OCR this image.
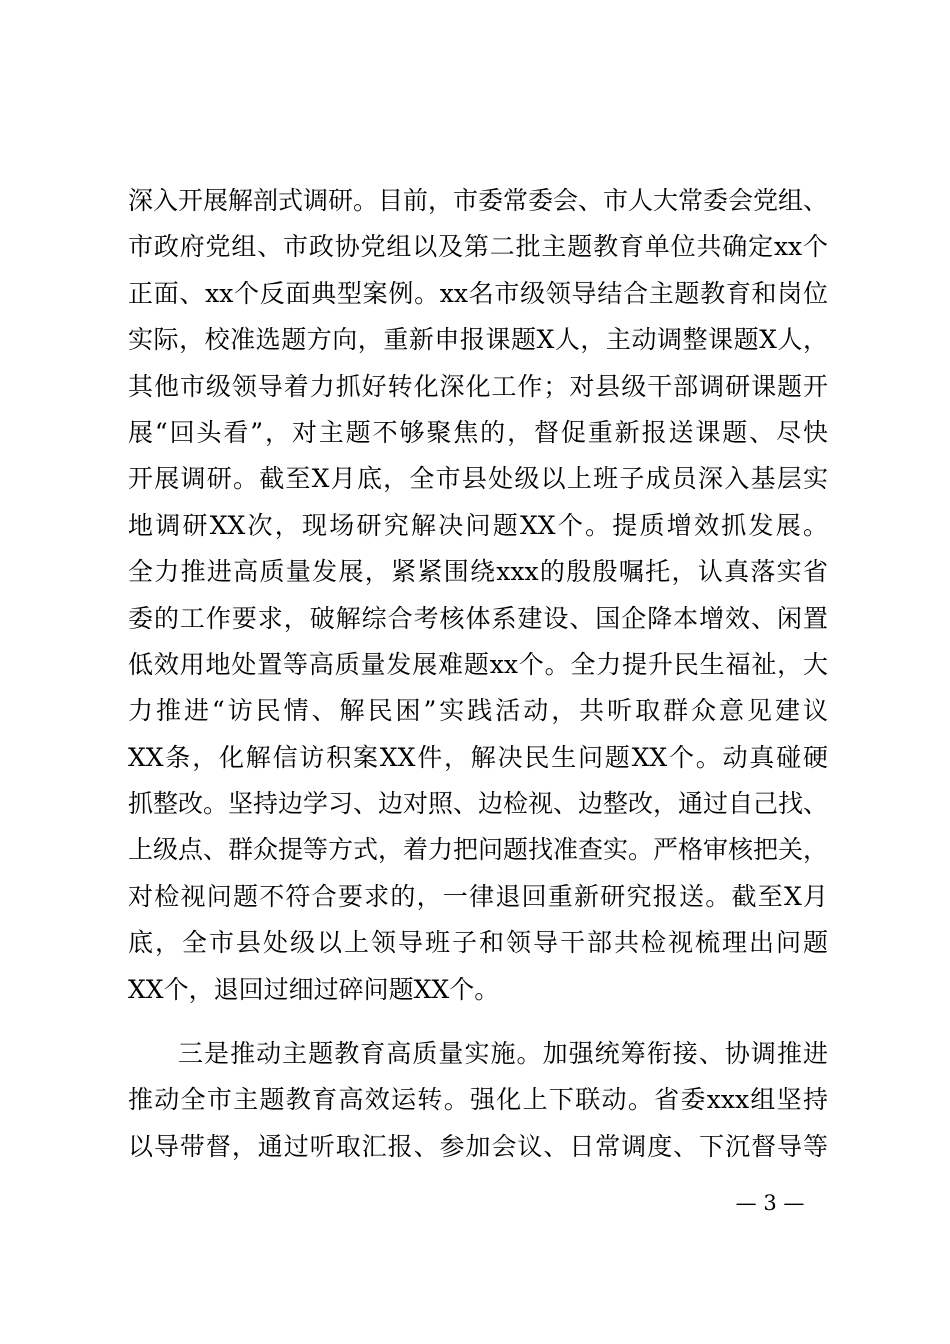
深入开展解剖式调研。目前，市委常委会、市人大常委会党组、
市政府党组、市政协党组以及第二批主题教育单位共确定xx个
正面、xx个反面典型案例。xx名市级领导结合主题教育和岗位
实际，校准选题方向，重新申报课题X人，主动调整课题X人，
其他市级领导着力抓好转化深化工作；对县级干部调研课题开
展“回头看”，对主题不够聚焦的，督促重新报送课题、尽快
开展调研。截至X月底，全市县处级以上班子成员深入基层实
地调研XX次，现场研究解决问题XX个。提质增效抓发展。
全力推进高质量发展，紧紧围绕xxx的殷殷嘱托，认真落实省
委的工作要求，破解综合考核体系建设、国企降本增效、闲置
低效用地处置等高质量发展难题xx个。全力提升民生福祉，大
力推进“访民情、解民困”实践活动，共听取群众意见建议
XX条，化解信访积案XX件，解决民生问题XX个。动真碰硬
抓整改。坚持边学习、边对照、边检视、边整改，通过自己找、
上级点、群众提等方式，着力把问题找准查实。严格审核把关，
对检视问题不符合要求的，一律退回重新研究报送。截至X月
底，全市县处级以上领导班子和领导干部共检视梳理出问题
XX个，退回过细过碎问题XX个。
三是推动主题教育高质量实施。加强统筹衔接、协调推进
推动全市主题教育高效运转。强化上下联动。省委xxx组坚持
以导带督，通过听取汇报、参加会议、日常调度、下沉督导等
— 3 —
